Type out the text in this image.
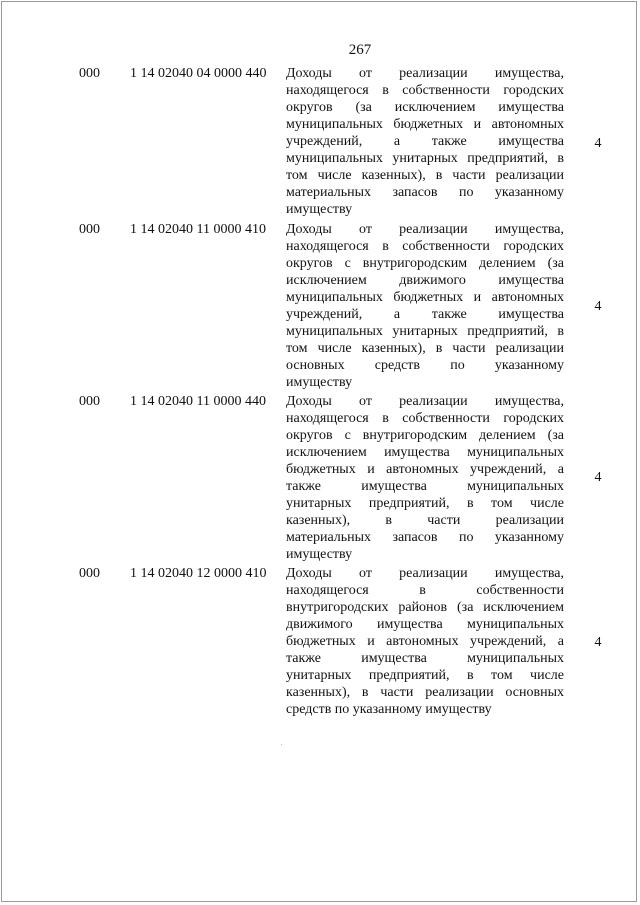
267
000 1 14 02040 04 0000 440 Доходы от реализации имущества,
находящегося в собственности городских
округов (за исключением имущества
муниципальных бюджетных и автономных
учреждений, а также имущества
муниципальных унитарных предприятий, в
том числе казенных), в части реализации
материальных запасов по указанному
имуществу
4
000 1 14 02040 11 0000 410 Доходы от реализации имущества,
находящегося в собственности городских
округов с внутригородским делением (за
исключением движимого имущества
муниципальных бюджетных и автономных
учреждений, а также имущества
муниципальных унитарных предприятий, в
том числе казенных), в части реализации
основных средств по указанному
имуществу
4
000 1 14 02040 11 0000 440 Доходы от реализации имущества,
находящегося в собственности городских
округов с внутригородским делением (за
исключением имущества муниципальных
бюджетных и автономных учреждений, а
также имущества муниципальных
унитарных предприятий, в том числе
казенных), в части реализации
материальных запасов по указанному
имуществу
4
000 1 14 02040 12 0000 410 Доходы от реализации имущества,
находящегося в собственности
внутригородских районов (за исключением
движимого имущества муниципальных
бюджетных и автономных учреждений, а
также имущества муниципальных
унитарных предприятий, в том числе
казенных), в части реализации основных
средств по указанному имуществу
4
